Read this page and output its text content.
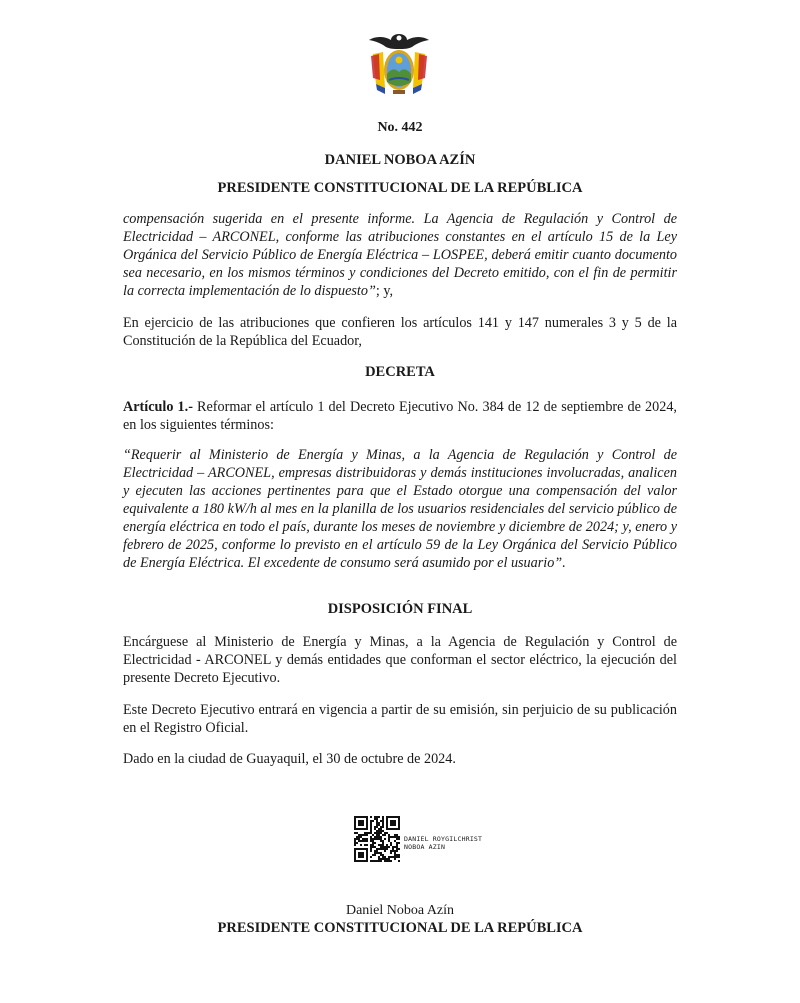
No. 442
DANIEL NOBOA AZÍN
PRESIDENTE CONSTITUCIONAL DE LA REPÚBLICA
compensación sugerida en el presente informe. La Agencia de Regulación y Control de Electricidad – ARCONEL, conforme las atribuciones constantes en el artículo 15 de la Ley Orgánica del Servicio Público de Energía Eléctrica – LOSPEE, deberá emitir cuanto documento sea necesario, en los mismos términos y condiciones del Decreto emitido, con el fin de permitir la correcta implementación de lo dispuesto”; y,
En ejercicio de las atribuciones que confieren los artículos 141 y 147 numerales 3 y 5 de la Constitución de la República del Ecuador,
DECRETA
Artículo 1.- Reformar el artículo 1 del Decreto Ejecutivo No. 384 de 12 de septiembre de 2024, en los siguientes términos:
“Requerir al Ministerio de Energía y Minas, a la Agencia de Regulación y Control de Electricidad – ARCONEL, empresas distribuidoras y demás instituciones involucradas, analicen y ejecuten las acciones pertinentes para que el Estado otorgue una compensación del valor equivalente a 180 kW/h al mes en la planilla de los usuarios residenciales del servicio público de energía eléctrica en todo el país, durante los meses de noviembre y diciembre de 2024; y, enero y febrero de 2025, conforme lo previsto en el artículo 59 de la Ley Orgánica del Servicio Público de Energía Eléctrica. El excedente de consumo será asumido por el usuario”.
DISPOSICIÓN FINAL
Encárguese al Ministerio de Energía y Minas, a la Agencia de Regulación y Control de Electricidad - ARCONEL y demás entidades que conforman el sector eléctrico, la ejecución del presente Decreto Ejecutivo.
Este Decreto Ejecutivo entrará en vigencia a partir de su emisión, sin perjuicio de su publicación en el Registro Oficial.
Dado en la ciudad de Guayaquil, el 30 de octubre de 2024.
DANIEL ROYGILCHRIST
NOBOA AZIN
Daniel Noboa Azín
PRESIDENTE CONSTITUCIONAL DE LA REPÚBLICA
